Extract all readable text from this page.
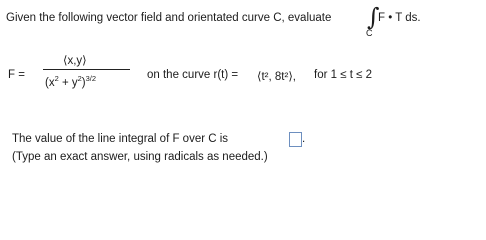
Given the following vector field and orientated curve C, evaluate ∫
C
F • T ds.
F =
⟨x,y⟩
$(x^2 + y^2)^{3/2}$	on the curve r(t) = ⟨t², 8t²⟩, for 1 ≤ t ≤ 2
The value of the line integral of F over C is	.
(Type an exact answer, using radicals as needed.)
